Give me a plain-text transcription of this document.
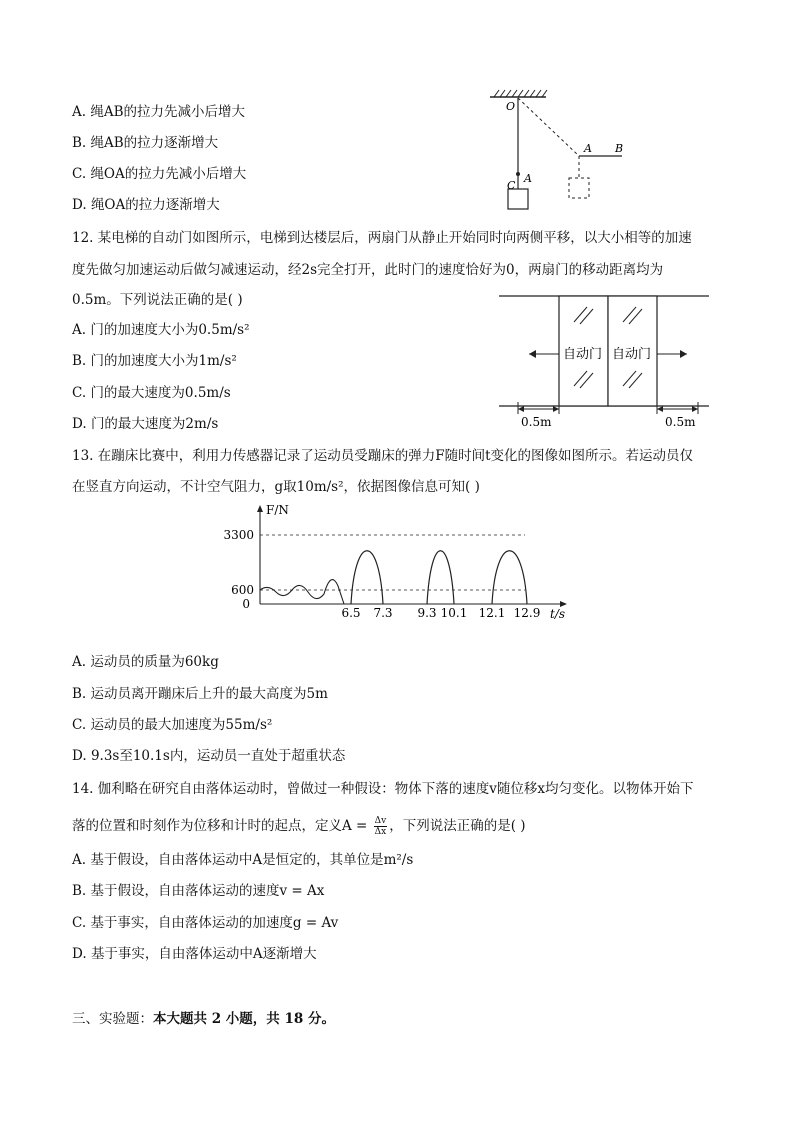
A. 绳AB的拉力先减小后增大
B. 绳AB的拉力逐渐增大
C. 绳OA的拉力先减小后增大
D. 绳OA的拉力逐渐增大
O
A B
C
A
12. 某电梯的自动门如图所示，电梯到达楼层后，两扇门从静止开始同时向两侧平移，以大小相等的加速
度先做匀加速运动后做匀减速运动，经2s完全打开，此时门的速度恰好为0，两扇门的移动距离均为
0.5m。下列说法正确的是( )
A. 门的加速度大小为0.5m/s²
B. 门的加速度大小为1m/s²
C. 门的最大速度为0.5m/s
D. 门的最大速度为2m/s
自动门 自动门
0.5m	0.5m
13. 在蹦床比赛中，利用力传感器记录了运动员受蹦床的弹力F随时间t变化的图像如图所示。若运动员仅
在竖直方向运动，不计空气阻力，g取10m/s²，依据图像信息可知( )
3300
600
0
F/N
t/s
6.5 7.3 9.3 10.1 12.1 12.9
A. 运动员的质量为60kg
B. 运动员离开蹦床后上升的最大高度为5m
C. 运动员的最大加速度为55m/s²
D. 9.3s至10.1s内，运动员一直处于超重状态
14. 伽利略在研究自由落体运动时，曾做过一种假设：物体下落的速度v随位移x均匀变化。以物体开始下
落的位置和时刻作为位移和计时的起点，定义$A = \frac{\Delta v}{\Delta x}$ ，下列说法正确的是( )
A. 基于假设，自由落体运动中A是恒定的，其单位是m²/s
B. 基于假设，自由落体运动的速度v = Ax
C. 基于事实，自由落体运动的加速度g = Av
D. 基于事实，自由落体运动中A逐渐增大
三、实验题：本大题共 2 小题，共 18 分。
